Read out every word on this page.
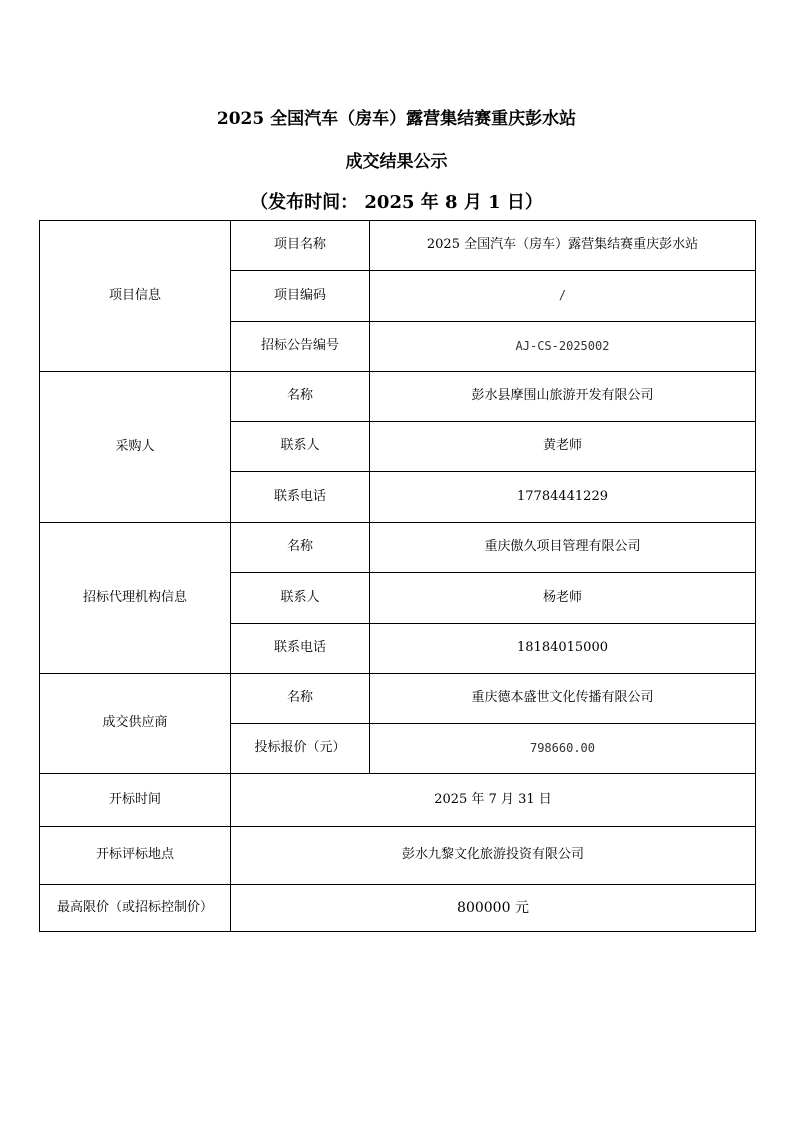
2025 全国汽车（房车）露营集结赛重庆彭水站
成交结果公示
（发布时间： 2025 年 8 月 1 日）
项目信息	项目名称	2025 全国汽车（房车）露营集结赛重庆彭水站
	项目编码	/
	招标公告编号	AJ-CS-2025002
采购人	名称	彭水县摩围山旅游开发有限公司
	联系人	黄老师
	联系电话	17784441229
招标代理机构信息	名称	重庆傲久项目管理有限公司
	联系人	杨老师
	联系电话	18184015000
成交供应商	名称	重庆德本盛世文化传播有限公司
	投标报价（元）	798660.00
开标时间	2025 年 7 月 31 日	
开标评标地点	彭水九黎文化旅游投资有限公司	
最高限价（或招标控制价）	800000 元	
